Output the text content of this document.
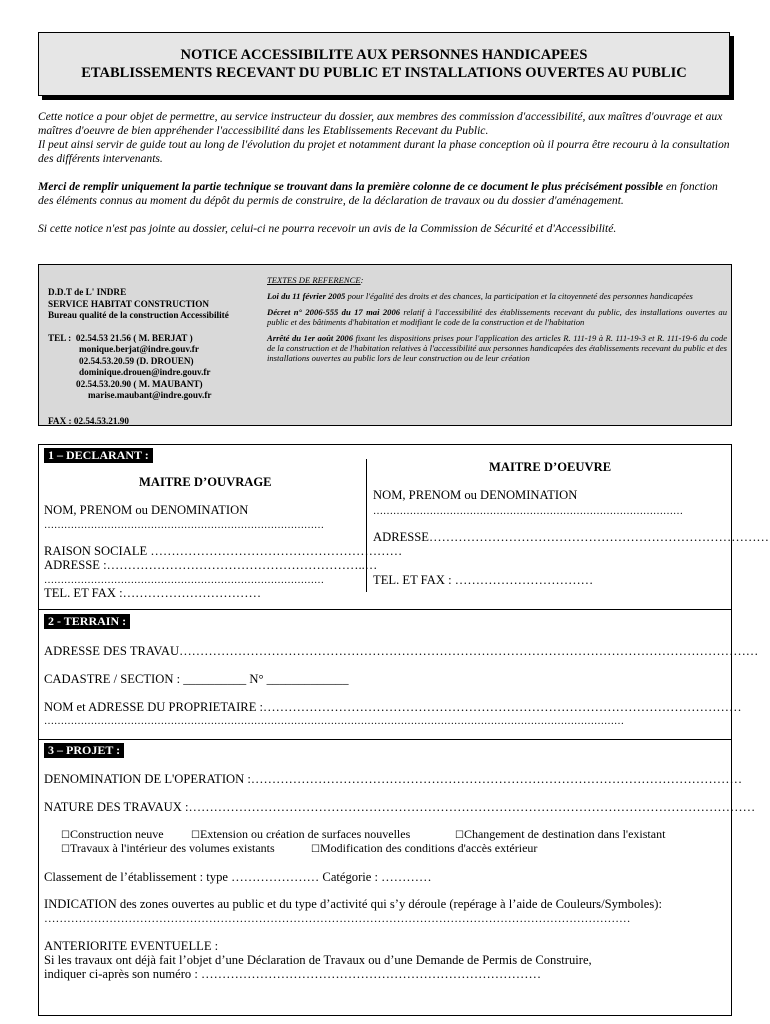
NOTICE ACCESSIBILITE AUX PERSONNES HANDICAPEES
ETABLISSEMENTS RECEVANT DU PUBLIC ET INSTALLATIONS OUVERTES AU PUBLIC

Cette notice a pour objet de permettre, au service instructeur du dossier, aux membres des commission d'accessibilité, aux maîtres d'ouvrage et aux maîtres d'oeuvre de bien appréhender l'accessibilité dans les Etablissements Recevant du Public.

Il peut ainsi servir de guide tout au long de l'évolution du projet et notamment durant la phase conception où il pourra être recouru à la consultation des différents intervenants.

Merci de remplir uniquement la partie technique se trouvant dans la première colonne de ce document le plus précisément possible en fonction des éléments connus au moment du dépôt du permis de construire, de la déclaration de travaux ou du dossier d'aménagement.

Si cette notice n'est pas jointe au dossier, celui-ci ne pourra recevoir un avis de la Commission de Sécurité et d'Accessibilité.

D.D.T de L' INDRE
SERVICE HABITAT CONSTRUCTION
Bureau qualité de la construction Accessibilité
TEL : 02.54.53 21.56 ( M. BERJAT )
monique.berjat@indre.gouv.fr
02.54.53.20.59 (D. DROUEN)
dominique.drouen@indre.gouv.fr
02.54.53.20.90 ( M. MAUBANT)
marise.maubant@indre.gouv.fr
FAX : 02.54.53.21.90

TEXTES DE REFERENCE:

Loi du 11 février 2005 pour l'égalité des droits et des chances, la participation et la citoyenneté des personnes handicapées

Décret n° 2006-555 du 17 mai 2006 relatif à l'accessibilité des établissements recevant du public, des installations ouvertes au public et des bâtiments d'habitation et modifiant le code de la construction et de l'habitation

Arrêté du 1er août 2006 fixant les dispositions prises pour l'application des articles R. 111-19 à R. 111-19-3 et R. 111-19-6 du code de la construction et de l'habitation relatives à l'accessibilité aux personnes handicapées des établissements recevant du public et des installations ouvertes au public lors de leur construction ou de leur création

1 – DECLARANT :
MAITRE D’OUVRAGE
NOM, PRENOM ou DENOMINATION
…………………………………………………………………………
RAISON SOCIALE ……………………………………………………
ADRESSE :……………………………………………………..…
…………………………………………………………………………
TEL. ET FAX :……………………………
MAITRE D’OEUVRE
NOM, PRENOM ou DENOMINATION
…………………………………………………………………………………
ADRESSE………………………………………………………………………
TEL. ET FAX : ……………………………
2 - TERRAIN :
ADRESSE DES TRAVAU…………………………………………………………………………………………………………………………
CADASTRE / SECTION : __________ N° _____________
NOM et ADRESSE DU PROPRIETAIRE :……………………………………………………………………………………………………
…………………………………………………………………………………………………………………………………………………………
3 – PROJET :
DENOMINATION DE L'OPERATION :………………………………………………………………………………………………………
NATURE DES TRAVAUX :………………………………………………………………………………………………………………………
☐Construction neuve	☐Extension ou création de surfaces nouvelles	☐Changement de destination dans l'existant
☐Travaux à l'intérieur des volumes existants	☐Modification des conditions d'accès extérieur
Classement de l’établissement : type ………………… Catégorie : …………
INDICATION des zones ouvertes au public et du type d’activité qui s’y déroule (repérage à l’aide de Couleurs/Symboles):
………………………………………………………………………………………………………………………………………
ANTERIORITE EVENTUELLE :
Si les travaux ont déjà fait l’objet d’une Déclaration de Travaux ou d’une Demande de Permis de Construire,
indiquer ci-après son numéro : ………………………………………………………………………
